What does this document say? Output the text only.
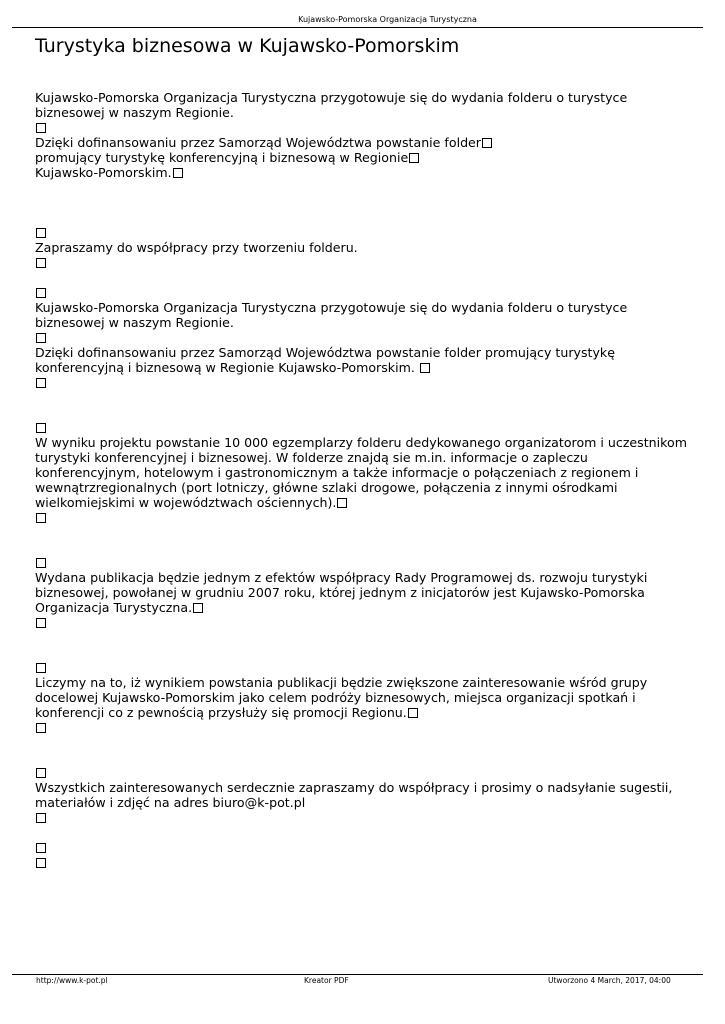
Kujawsko-Pomorska Organizacja Turystyczna
Turystyka biznesowa w Kujawsko-Pomorskim
Kujawsko-Pomorska Organizacja Turystyczna przygotowuje się do wydania folderu o turystyce
biznesowej w naszym Regionie.
Dzięki dofinansowaniu przez Samorząd Województwa powstanie folder
promujący turystykę konferencyjną i biznesową w Regionie
Kujawsko-Pomorskim.
Zapraszamy do współpracy przy tworzeniu folderu.
Kujawsko-Pomorska Organizacja Turystyczna przygotowuje się do wydania folderu o turystyce
biznesowej w naszym Regionie.
Dzięki dofinansowaniu przez Samorząd Województwa powstanie folder promujący turystykę
konferencyjną i biznesową w Regionie Kujawsko-Pomorskim.
W wyniku projektu powstanie 10 000 egzemplarzy folderu dedykowanego organizatorom i uczestnikom
turystyki konferencyjnej i biznesowej. W folderze znajdą sie m.in. informacje o zapleczu
konferencyjnym, hotelowym i gastronomicznym a także informacje o połączeniach z regionem i
wewnątrzregionalnych (port lotniczy, główne szlaki drogowe, połączenia z innymi ośrodkami
wielkomiejskimi w województwach ościennych).
Wydana publikacja będzie jednym z efektów współpracy Rady Programowej ds. rozwoju turystyki
biznesowej, powołanej w grudniu 2007 roku, której jednym z inicjatorów jest Kujawsko-Pomorska
Organizacja Turystyczna.
Liczymy na to, iż wynikiem powstania publikacji będzie zwiększone zainteresowanie wśród grupy
docelowej Kujawsko-Pomorskim jako celem podróży biznesowych, miejsca organizacji spotkań i
konferencji co z pewnością przysłuży się promocji Regionu.
Wszystkich zainteresowanych serdecznie zapraszamy do współpracy i prosimy o nadsyłanie sugestii,
materiałów i zdjęć na adres biuro@k-pot.pl
http://www.k-pot.pl	Kreator PDF	Utworzono 4 March, 2017, 04:00
